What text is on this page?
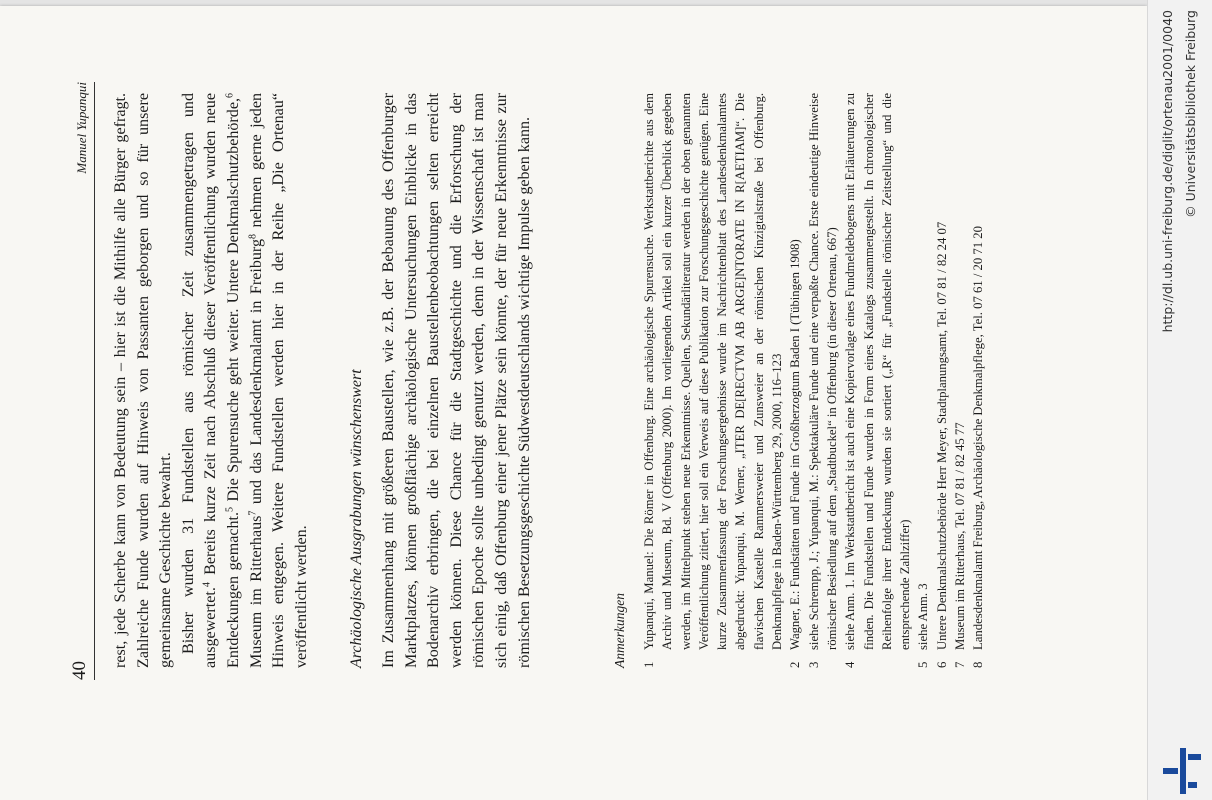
40
Manuel Yupanqui rest, jede Scherbe kann von Bedeutung sein – hier ist die Mithilfe alle Bürger gefragt. Zahlreiche Funde wurden auf Hinweis von Passanten geborgen und so für unsere gemeinsame Geschichte bewahrt. Bisher wurden 31 Fundstellen aus römischer Zeit zusammengetragen und ausgewertet.$^4$ Bereits kurze Zeit nach Abschluß dieser Veröffentlichung wurden neue Entdeckungen gemacht.$^5$ Die Spurensuche geht weiter. Untere Denkmalschutzbehörde,$^6$ Museum im Ritterhaus$^7$ und das Landesdenkmalamt in Freiburg$^8$ nehmen gerne jeden Hinweis entgegen. Weitere Fundstellen werden hier in der Reihe „Die Ortenau“ veröffentlicht werden. Archäologische Ausgrabungen wünschenswert Im Zusammenhang mit größeren Baustellen, wie z.B. der Bebauung des Offenburger Marktplatzes, können großflächige archäologische Untersuchungen Einblicke in das Bodenarchiv erbringen, die bei einzelnen Baustellenbeobachtungen selten erreicht werden können. Diese Chance für die Stadtgeschichte und die Erforschung der römischen Epoche sollte unbedingt genutzt werden, denn in der Wissenschaft ist man sich einig, daß Offenburg einer jener Plätze sein könnte, der für neue Erkenntnisse zur römischen Besetzungsgeschichte Südwestdeutschlands wichtige Impulse geben kann.	Anmerkungen 1
Yupanqui, Manuel: Die Römer in Offenburg. Eine archäologische Spurensuche. Werkstattberichte aus dem Archiv und Museum, Bd. V (Offenburg 2000). Im vorliegenden Artikel soll ein kurzer Überblick gegeben werden, im Mittelpunkt stehen neue Erkenntnisse. Quellen, Sekundärliteratur werden in der oben genannten Veröffentlichung zitiert, hier soll ein Verweis auf diese Publikation zur Forschungsgeschichte genügen. Eine kurze Zusammenfassung der Forschungsergebnisse wurde im Nachrichtenblatt des Landesdenkmalamtes abgedruckt: Yupanqui, M. Werner, „ITER DE[RECTVM AB ARGE]NTORATE IN R[AETIAM]“. Die flavischen Kastelle Rammersweier und Zunsweier an der römischen Kinzigtalstraße bei Offenburg. Denkmalpflege in Baden-Württemberg 29, 2000, 116–123
2
Wagner, E.: Fundstätten und Funde im Großherzogtum Baden I (Tübingen 1908)
3
siehe Schrempp, J.; Yupanqui, M.: Spektakuläre Funde und eine verpaßte Chance. Erste eindeutige Hinweise römischer Besiedlung auf dem „Stadtbuckel“ in Offenburg (in dieser Ortenau, 667)
4
siehe Anm. 1. Im Werkstattbericht ist auch eine Kopiervorlage eines Fundmeldebogens mit Erläuterungen zu finden. Die Fundstellen und Funde wurden in Form eines Katalogs zusammengestellt. In chronologischer Reihenfolge ihrer Entdeckung wurden sie sortiert („R“ für „Fundstelle römischer Zeitstellung“ und die entsprechende Zahlziffer)
5
siehe Anm. 3
6
Untere Denkmalschutzbehörde Herr Meyer, Stadtplanungsamt, Tel. 07 81 / 82 24 07
7
Museum im Ritterhaus, Tel. 07 81 / 82 45 77
8
Landesdenkmalamt Freiburg, Archäologische Denkmalpflege, Tel. 07 61 / 20 71 20
http://dl.ub.uni-freiburg.de/diglit/ortenau2001/0040 © Universitätsbibliothek Freiburg
